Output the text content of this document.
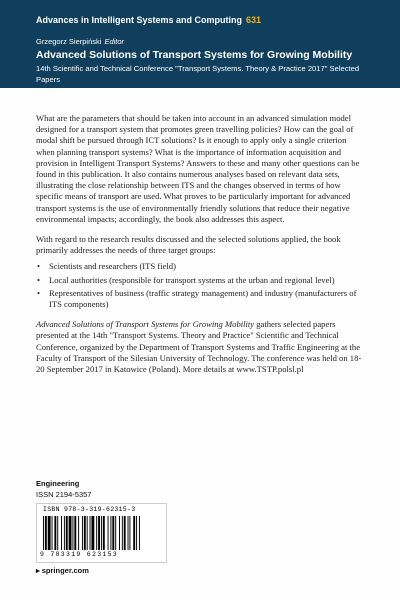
Advances in Intelligent Systems and Computing 631
Grzegorz Sierpiński Editor
Advanced Solutions of Transport Systems for Growing Mobility
14th Scientific and Technical Conference "Transport Systems. Theory & Practice 2017" Selected Papers

What are the parameters that should be taken into account in an advanced simulation model designed for a transport system that promotes green travelling policies? How can the goal of modal shift be pursued through ICT solutions? Is it enough to apply only a single criterion when planning transport systems? What is the importance of information acquisition and provision in Intelligent Transport Systems? Answers to these and many other questions can be found in this publication. It also contains numerous analyses based on relevant data sets, illustrating the close relationship between ITS and the changes observed in terms of how specific means of transport are used. What proves to be particularly important for advanced transport systems is the use of environmentally friendly solutions that reduce their negative environmental impacts; accordingly, the book also addresses this aspect.

With regard to the research results discussed and the selected solutions applied, the book primarily addresses the needs of three target groups:

• Scientists and researchers (ITS field)
• Local authorities (responsible for transport systems at the urban and regional level)
• Representatives of business (traffic strategy management) and industry (manufacturers of ITS components)

Advanced Solutions of Transport Systems for Growing Mobility gathers selected papers presented at the 14th "Transport Systems. Theory and Practice" Scientific and Technical Conference, organized by the Department of Transport Systems and Traffic Engineering at the Faculty of Transport of the Silesian University of Technology. The conference was held on 18-20 September 2017 in Katowice (Poland). More details at www.TSTP.polsl.pl

Engineering
ISSN 2194-5357
ISBN 978-3-319-62315-3
9 783319 623153
▸ springer.com
